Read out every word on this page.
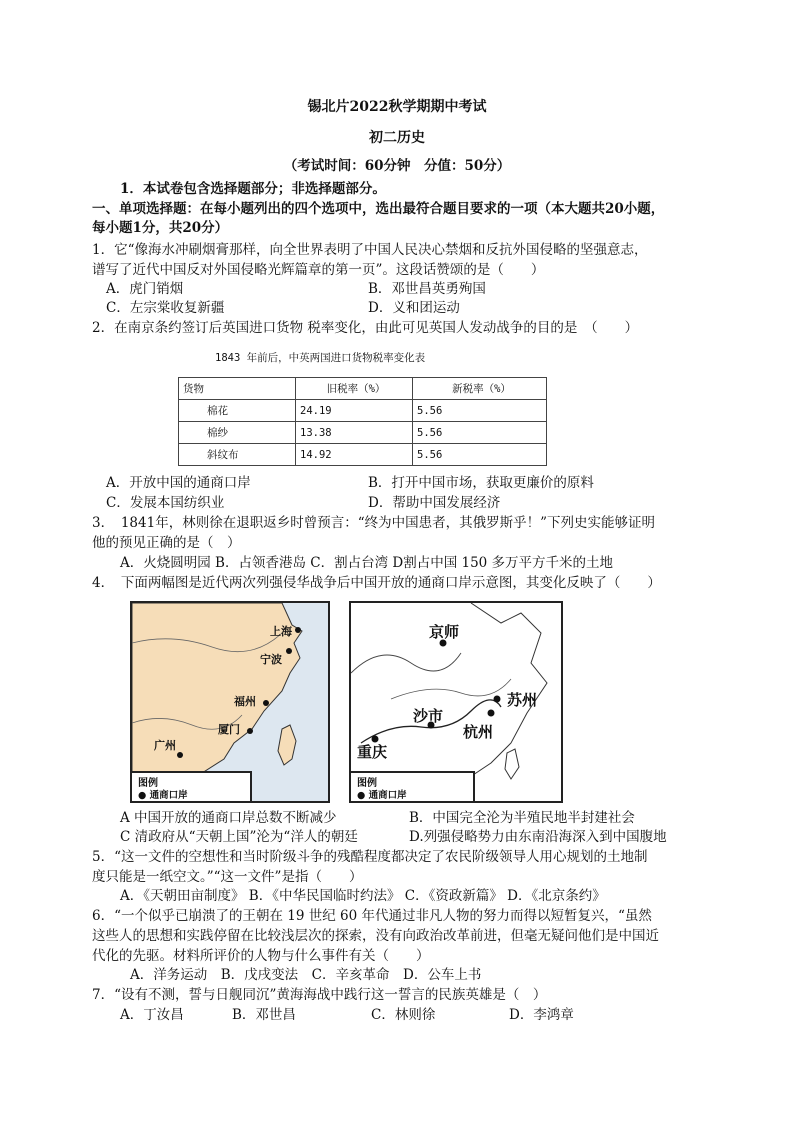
锡北片2022秋学期期中考试
初二历史
（考试时间：60分钟　分值：50分）
1．本试卷包含选择题部分；非选择题部分。
一、单项选择题：在每小题列出的四个选项中，选出最符合题目要求的一项（本大题共20小题，
每小题1分，共20分）
1．它“像海水冲刷烟膏那样，向全世界表明了中国人民决心禁烟和反抗外国侵略的坚强意志，
谱写了近代中国反对外国侵略光辉篇章的第一页”。这段话赞颂的是（　　）
A．虎门销烟	B．邓世昌英勇殉国
C．左宗棠收复新疆	D．义和团运动
2．在南京条约签订后英国进口货物 税率变化，由此可见英国人发动战争的目的是　（　　）
1843 年前后，中英两国进口货物税率变化表
货物	旧税率（%）	新税率（%）
棉花	24.19	5.56
棉纱	13.38	5.56
斜纹布	14.92	5.56
A．开放中国的通商口岸	B．打开中国市场，获取更廉价的原料
C．发展本国纺织业	D．帮助中国发展经济
3．　1841年，林则徐在退职返乡时曾预言：“终为中国患者，其俄罗斯乎！”下列史实能够证明
他的预见正确的是（　）
A．火烧圆明园 B．占领香港岛 C．割占台湾 D割占中国 150 多万平方千米的土地
4．　下面两幅图是近代两次列强侵华战争后中国开放的通商口岸示意图，其变化反映了（　　）
上海
宁波
福州
厦门
广州
图例
● 通商口岸
京师
苏州
沙市
杭州
重庆
图例
● 通商口岸
A 中国开放的通商口岸总数不断减少	B．中国完全沦为半殖民地半封建社会
C 清政府从“天朝上国”沦为“洋人的朝廷	D.列强侵略势力由东南沿海深入到中国腹地
5．“这一文件的空想性和当时阶级斗争的残酷程度都决定了农民阶级领导人用心规划的土地制
度只能是一纸空文。”“这一文件”是指（　　）
A．《天朝田亩制度》 B．《中华民国临时约法》 C．《资政新篇》 D．《北京条约》
6．“一个似乎已崩溃了的王朝在 19 世纪 60 年代通过非凡人物的努力而得以短暂复兴，“虽然
这些人的思想和实践停留在比较浅层次的探索，没有向政治改革前进，但毫无疑问他们是中国近
代化的先驱。材料所评价的人物与什么事件有关（　　）
A．洋务运动　B．戊戌变法　C．辛亥革命　D．公车上书
7．“设有不测，誓与日舰同沉”黄海海战中践行这一誓言的民族英雄是（　）
A．丁汝昌	B．邓世昌	C．林则徐	D．李鸿章
